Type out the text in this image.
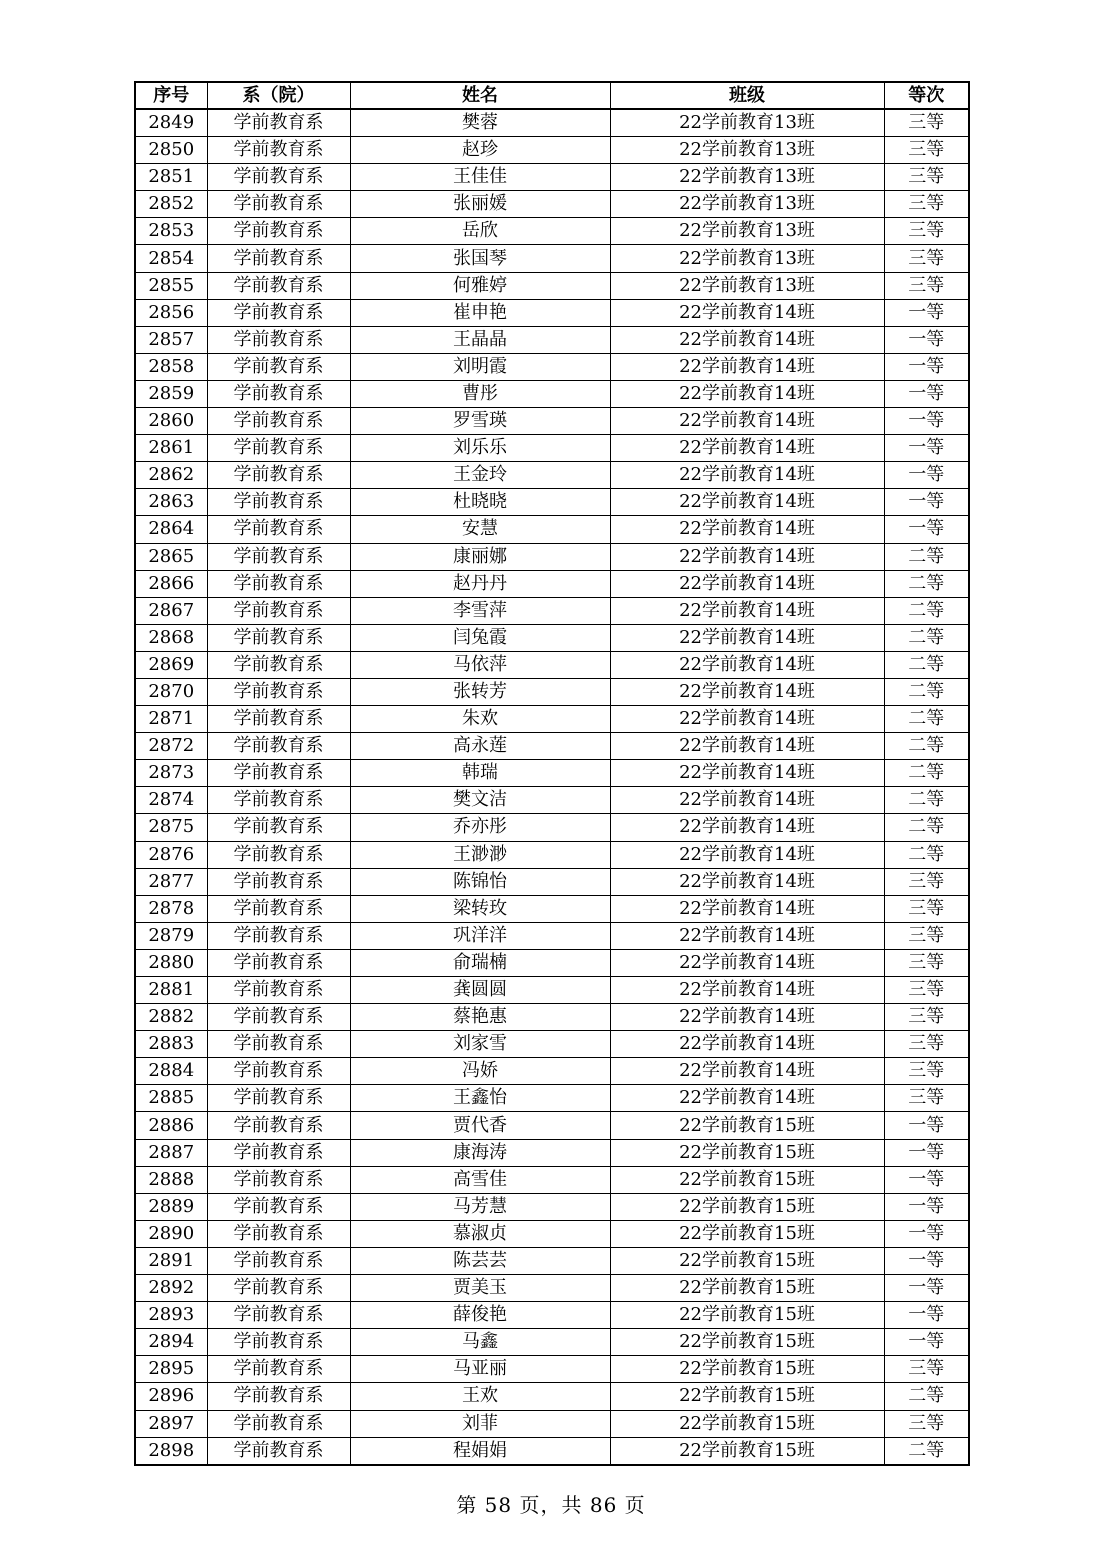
序号	系（院）	姓名	班级	等次
2849	学前教育系	樊蓉	22学前教育13班	三等
2850	学前教育系	赵珍	22学前教育13班	三等
2851	学前教育系	王佳佳	22学前教育13班	三等
2852	学前教育系	张丽媛	22学前教育13班	三等
2853	学前教育系	岳欣	22学前教育13班	三等
2854	学前教育系	张国琴	22学前教育13班	三等
2855	学前教育系	何雅婷	22学前教育13班	三等
2856	学前教育系	崔申艳	22学前教育14班	一等
2857	学前教育系	王晶晶	22学前教育14班	一等
2858	学前教育系	刘明霞	22学前教育14班	一等
2859	学前教育系	曹彤	22学前教育14班	一等
2860	学前教育系	罗雪瑛	22学前教育14班	一等
2861	学前教育系	刘乐乐	22学前教育14班	一等
2862	学前教育系	王金玲	22学前教育14班	一等
2863	学前教育系	杜晓晓	22学前教育14班	一等
2864	学前教育系	安慧	22学前教育14班	一等
2865	学前教育系	康丽娜	22学前教育14班	二等
2866	学前教育系	赵丹丹	22学前教育14班	二等
2867	学前教育系	李雪萍	22学前教育14班	二等
2868	学前教育系	闫兔霞	22学前教育14班	二等
2869	学前教育系	马依萍	22学前教育14班	二等
2870	学前教育系	张转芳	22学前教育14班	二等
2871	学前教育系	朱欢	22学前教育14班	二等
2872	学前教育系	高永莲	22学前教育14班	二等
2873	学前教育系	韩瑞	22学前教育14班	二等
2874	学前教育系	樊文洁	22学前教育14班	二等
2875	学前教育系	乔亦彤	22学前教育14班	二等
2876	学前教育系	王渺渺	22学前教育14班	二等
2877	学前教育系	陈锦怡	22学前教育14班	三等
2878	学前教育系	梁转玫	22学前教育14班	三等
2879	学前教育系	巩洋洋	22学前教育14班	三等
2880	学前教育系	俞瑞楠	22学前教育14班	三等
2881	学前教育系	龚圆圆	22学前教育14班	三等
2882	学前教育系	蔡艳惠	22学前教育14班	三等
2883	学前教育系	刘家雪	22学前教育14班	三等
2884	学前教育系	冯娇	22学前教育14班	三等
2885	学前教育系	王鑫怡	22学前教育14班	三等
2886	学前教育系	贾代香	22学前教育15班	一等
2887	学前教育系	康海涛	22学前教育15班	一等
2888	学前教育系	高雪佳	22学前教育15班	一等
2889	学前教育系	马芳慧	22学前教育15班	一等
2890	学前教育系	慕淑贞	22学前教育15班	一等
2891	学前教育系	陈芸芸	22学前教育15班	一等
2892	学前教育系	贾美玉	22学前教育15班	一等
2893	学前教育系	薛俊艳	22学前教育15班	一等
2894	学前教育系	马鑫	22学前教育15班	一等
2895	学前教育系	马亚丽	22学前教育15班	三等
2896	学前教育系	王欢	22学前教育15班	二等
2897	学前教育系	刘菲	22学前教育15班	三等
2898	学前教育系	程娟娟	22学前教育15班	二等
第 58 页，共 86 页
